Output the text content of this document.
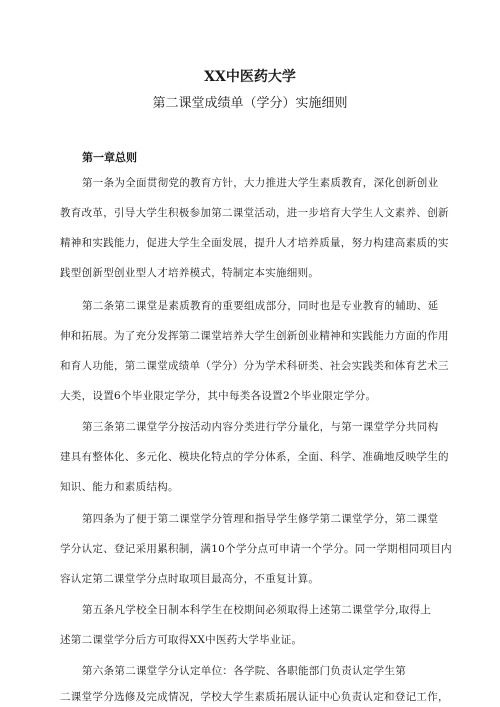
XX中医药大学
第二课堂成绩单（学分）实施细则
第一章总则
第一条为全面贯彻党的教育方针，大力推进大学生素质教育，深化创新创业
教育改革，引导大学生积极参加第二课堂活动，进一步培育大学生人文素养、创新
精神和实践能力，促进大学生全面发展，提升人才培养质量，努力构建高素质的实
践型创新型创业型人才培养模式，特制定本实施细则。
第二条第二课堂是素质教育的重要组成部分，同时也是专业教育的辅助、延
伸和拓展。为了充分发挥第二课堂培养大学生创新创业精神和实践能力方面的作用
和育人功能，第二课堂成绩单（学分）分为学术科研类、社会实践类和体育艺术三
大类，设置6个毕业限定学分，其中每类各设置2个毕业限定学分。
第三条第二课堂学分按活动内容分类进行学分量化，与第一课堂学分共同构
建具有整体化、多元化、模块化特点的学分体系，全面、科学、准确地反映学生的
知识、能力和素质结构。
第四条为了便于第二课堂学分管理和指导学生修学第二课堂学分，第二课堂
学分认定、登记采用累积制，满10个学分点可申请一个学分。同一学期相同项目内
容认定第二课堂学分点时取项目最高分，不重复计算。
第五条凡学校全日制本科学生在校期间必须取得上述第二课堂学分,取得上
述第二课堂学分后方可取得XX中医药大学毕业证。
第六条第二课堂学分认定单位：各学院、各职能部门负责认定学生第
二课堂学分选修及完成情况，学校大学生素质拓展认证中心负责认定和登记工作，
